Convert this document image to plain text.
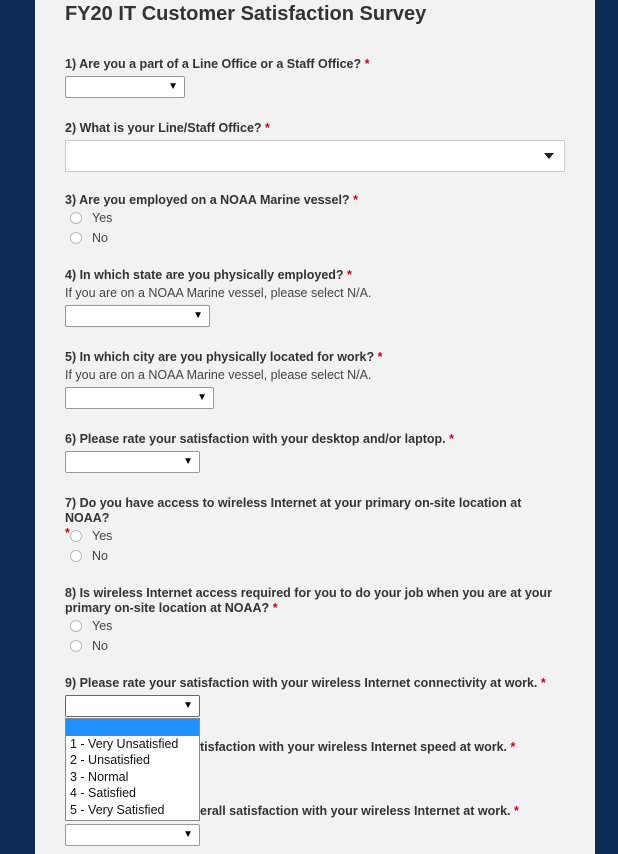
FY20 IT Customer Satisfaction Survey
1) Are you a part of a Line Office or a Staff Office? *
▼
2) What is your Line/Staff Office? *
3) Are you employed on a NOAA Marine vessel? *
Yes
No
4) In which state are you physically employed? *
If you are on a NOAA Marine vessel, please select N/A.
▼
5) In which city are you physically located for work? *
If you are on a NOAA Marine vessel, please select N/A.
▼
6) Please rate your satisfaction with your desktop and/or laptop. *
▼
7) Do you have access to wireless Internet at your primary on-site location at NOAA?
*	Yes
No
8) Is wireless Internet access required for you to do your job when you are at your
primary on-site location at NOAA? *
Yes
No
9) Please rate your satisfaction with your wireless Internet connectivity at work. *
▼
tisfaction with your wireless Internet speed at work. *
erall satisfaction with your wireless Internet at work. *
▼
1 - Very Unsatisfied
2 - Unsatisfied
3 - Normal
4 - Satisfied
5 - Very Satisfied
